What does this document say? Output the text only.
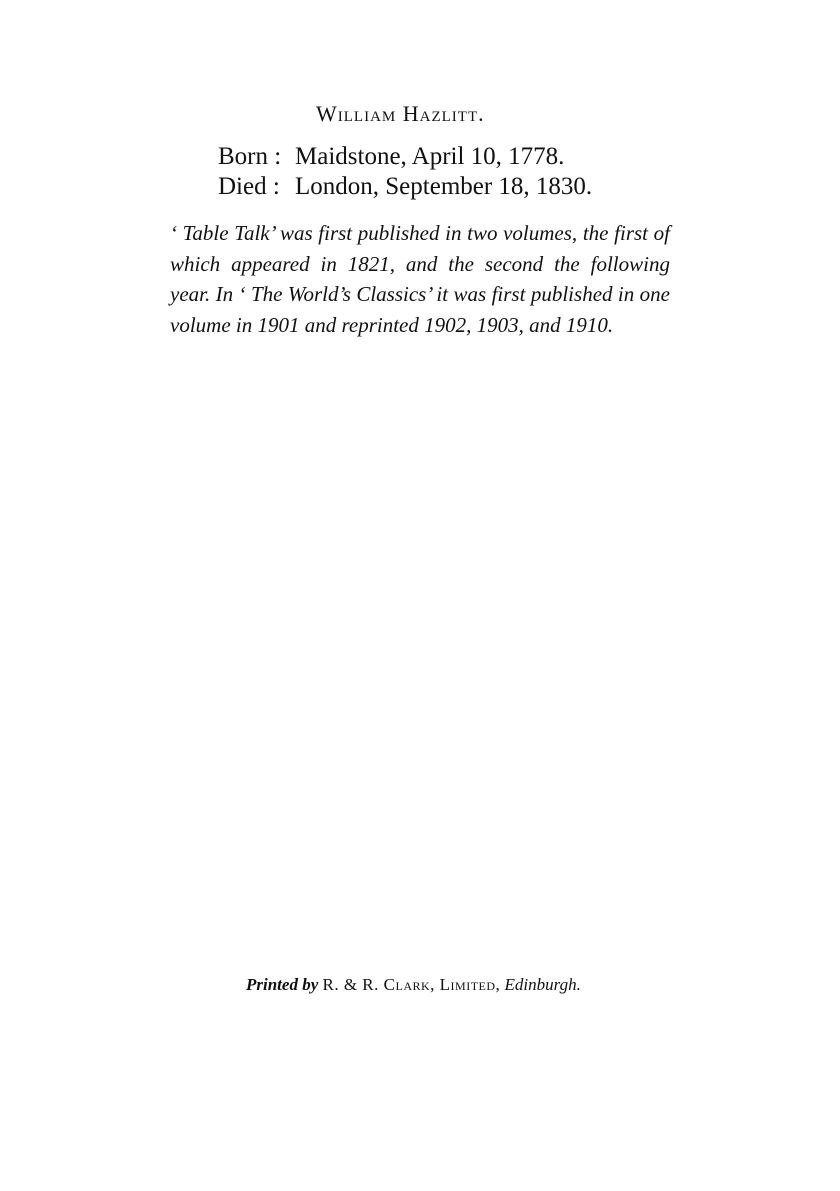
William Hazlitt.
Born : Maidstone, April 10, 1778.
Died : London, September 18, 1830.

‘ Table Talk’ was first published in two volumes, the first of which appeared in 1821, and the second the following year. In ‘ The World’s Classics’ it was first published in one volume in 1901 and reprinted 1902, 1903, and 1910.

Printed by R. & R. Clark, Limited, Edinburgh.
